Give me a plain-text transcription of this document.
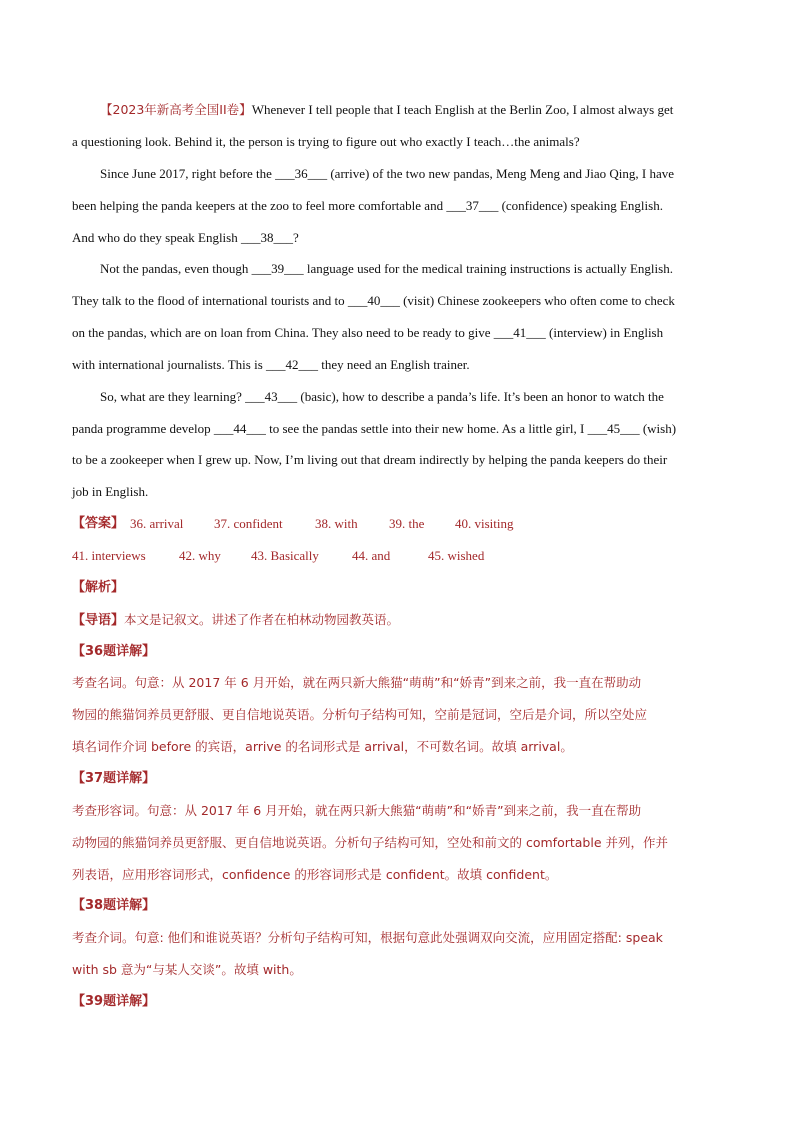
【2023年新高考全国II卷】Whenever I tell people that I teach English at the Berlin Zoo, I almost always get
a questioning look. Behind it, the person is trying to figure out who exactly I teach…the animals?
Since June 2017, right before the ___36___ (arrive) of the two new pandas, Meng Meng and Jiao Qing, I have
been helping the panda keepers at the zoo to feel more comfortable and ___37___ (confidence) speaking English.
And who do they speak English ___38___?
Not the pandas, even though ___39___ language used for the medical training instructions is actually English.
They talk to the flood of international tourists and to ___40___ (visit) Chinese zookeepers who often come to check
on the pandas, which are on loan from China. They also need to be ready to give ___41___ (interview) in English
with international journalists. This is ___42___ they need an English trainer.
So, what are they learning? ___43___ (basic), how to describe a panda’s life. It’s been an honor to watch the
panda programme develop ___44___ to see the pandas settle into their new home. As a little girl, I ___45___ (wish)
to be a zookeeper when I grew up. Now, I’m living out that dream indirectly by helping the panda keepers do their
job in English.
【答案】 36. arrival 37. confident 38. with 39. the 40. visiting
41. interviews	42. why 43. Basically	44. and	45. wished
【解析】
【导语】本文是记叙文。讲述了作者在柏林动物园教英语。
【36题详解】
考查名词。句意：从 2017 年 6 月开始，就在两只新大熊猫“萌萌”和“娇青”到来之前，我一直在帮助动
物园的熊猫饲养员更舒服、更自信地说英语。分析句子结构可知，空前是冠词，空后是介词，所以空处应
填名词作介词 before 的宾语，arrive 的名词形式是 arrival，不可数名词。故填 arrival。
【37题详解】
考查形容词。句意：从 2017 年 6 月开始，就在两只新大熊猫“萌萌”和“娇青”到来之前，我一直在帮助
动物园的熊猫饲养员更舒服、更自信地说英语。分析句子结构可知，空处和前文的 comfortable 并列，作并
列表语，应用形容词形式，confidence 的形容词形式是 confident。故填 confident。
【38题详解】
考查介词。句意: 他们和谁说英语？分析句子结构可知，根据句意此处强调双向交流，应用固定搭配: speak
with sb 意为“与某人交谈”。故填 with。
【39题详解】
